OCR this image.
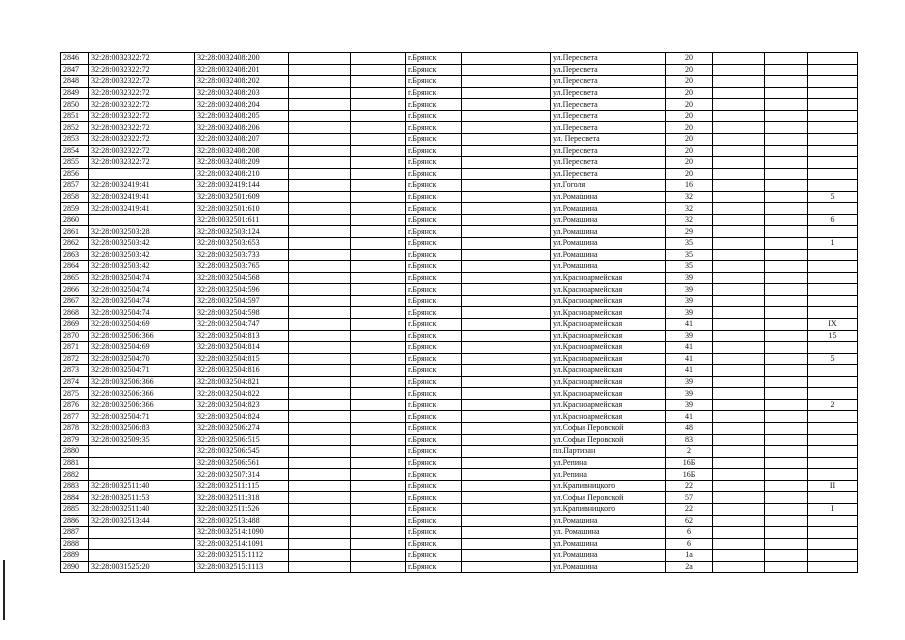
2846	32:28:0032322:72	32:28:0032408:200			г.Брянск		ул.Пересвета	20			
2847	32:28:0032322:72	32:28:0032408:201			г.Брянск		ул.Пересвета	20			
2848	32:28:0032322:72	32:28:0032408:202			г.Брянск		ул.Пересвета	20			
2849	32:28:0032322:72	32:28:0032408:203			г.Брянск		ул.Пересвета	20			
2850	32:28:0032322:72	32:28:0032408:204			г.Брянск		ул.Пересвета	20			
2851	32:28:0032322:72	32:28:0032408:205			г.Брянск		ул.Пересвета	20			
2852	32:28:0032322:72	32:28:0032408:206			г.Брянск		ул.Пересвета	20			
2853	32:28:0032322:72	32:28:0032408:207			г.Брянск		ул. Пересвета	20			
2854	32:28:0032322:72	32:28:0032408:208			г.Брянск		ул.Пересвета	20			
2855	32:28:0032322:72	32:28:0032408:209			г.Брянск		ул.Пересвета	20			
2856		32:28:0032408:210			г.Брянск		ул.Пересвета	20			
2857	32:28:0032419:41	32:28:0032419:144			г.Брянск		ул.Гоголя	16			
2858	32:28:0032419:41	32:28:0032501:609			г.Брянск		ул.Ромашина	32			5
2859	32:28:0032419:41	32:28:0032501:610			г.Брянск		ул.Ромашина	32			
2860		32:28:0032501:611			г.Брянск		ул.Ромашина	32			6
2861	32:28:0032503:28	32:28:0032503:124			г.Брянск		ул.Ромашина	29			
2862	32:28:0032503:42	32:28:0032503:653			г.Брянск		ул.Ромашина	35			1
2863	32:28:0032503:42	32:28:0032503:733			г.Брянск		ул.Ромашина	35			
2864	32:28:0032503:42	32:28:0032503:765			г.Брянск		ул.Ромашина	35			
2865	32:28:0032504:74	32:28:0032504:568			г.Брянск		ул.Красноармейская	39			
2866	32:28:0032504:74	32:28:0032504:596			г.Брянск		ул.Красноармейская	39			
2867	32:28:0032504:74	32:28:0032504:597			г.Брянск		ул.Красноармейская	39			
2868	32:28:0032504:74	32:28:0032504:598			г.Брянск		ул.Красноармейская	39			
2869	32:28:0032504:69	32:28:0032504:747			г.Брянск		ул.Красноармейская	41			IX
2870	32:28:0032506:366	32:28:0032504:813			г.Брянск		ул.Красноармейская	39			15
2871	32:28:0032504:69	32:28:0032504:814			г.Брянск		ул.Красноармейская	41			
2872	32:28:0032504:70	32:28:0032504:815			г.Брянск		ул.Красноармейская	41			5
2873	32:28:0032504:71	32:28:0032504:816			г.Брянск		ул.Красноармейская	41			
2874	32:28:0032506:366	32:28:0032504:821			г.Брянск		ул.Красноармейская	39			
2875	32:28:0032506:366	32:28:0032504:822			г.Брянск		ул.Красноармейская	39			
2876	32:28:0032506:366	32:28:0032504:823			г.Брянск		ул.Красноармейская	39			2
2877	32:28:0032504:71	32:28:0032504:824			г.Брянск		ул.Красноармейская	41			
2878	32:28:0032506:83	32:28:0032506:274			г.Брянск		ул.Софьи Перовской	48			
2879	32:28:0032509:35	32:28:0032506:515			г.Брянск		ул.Софьи Перовской	83			
2880		32:28:0032506:545			г.Брянск		пл.Партизан	2			
2881		32:28:0032506:561			г.Брянск		ул.Репина	16Б			
2882		32:28:0032507:314			г.Брянск		ул.Репина	16Б			
2883	32:28:0032511:40	32:28:0032511:115			г.Брянск		ул.Крапивницкого	22			II
2884	32:28:0032511:53	32:28:0032511:318			г.Брянск		ул.Софьи Перовской	57			
2885	32:28:0032511:40	32:28:0032511:526			г.Брянск		ул.Крапивницкого	22			I
2886	32:28:0032513:44	32:28:0032513:488			г.Брянск		ул.Ромашина	62			
2887		32:28:0032514:1090			г.Брянск		ул. Ромашина	6			
2888		32:28:0032514:1091			г.Брянск		ул.Ромашина	6			
2889		32:28:0032515:1112			г.Брянск		ул.Ромашина	1а			
2890	32:28:0031525:20	32:28:0032515:1113			г.Брянск		ул.Ромашина	2а			
